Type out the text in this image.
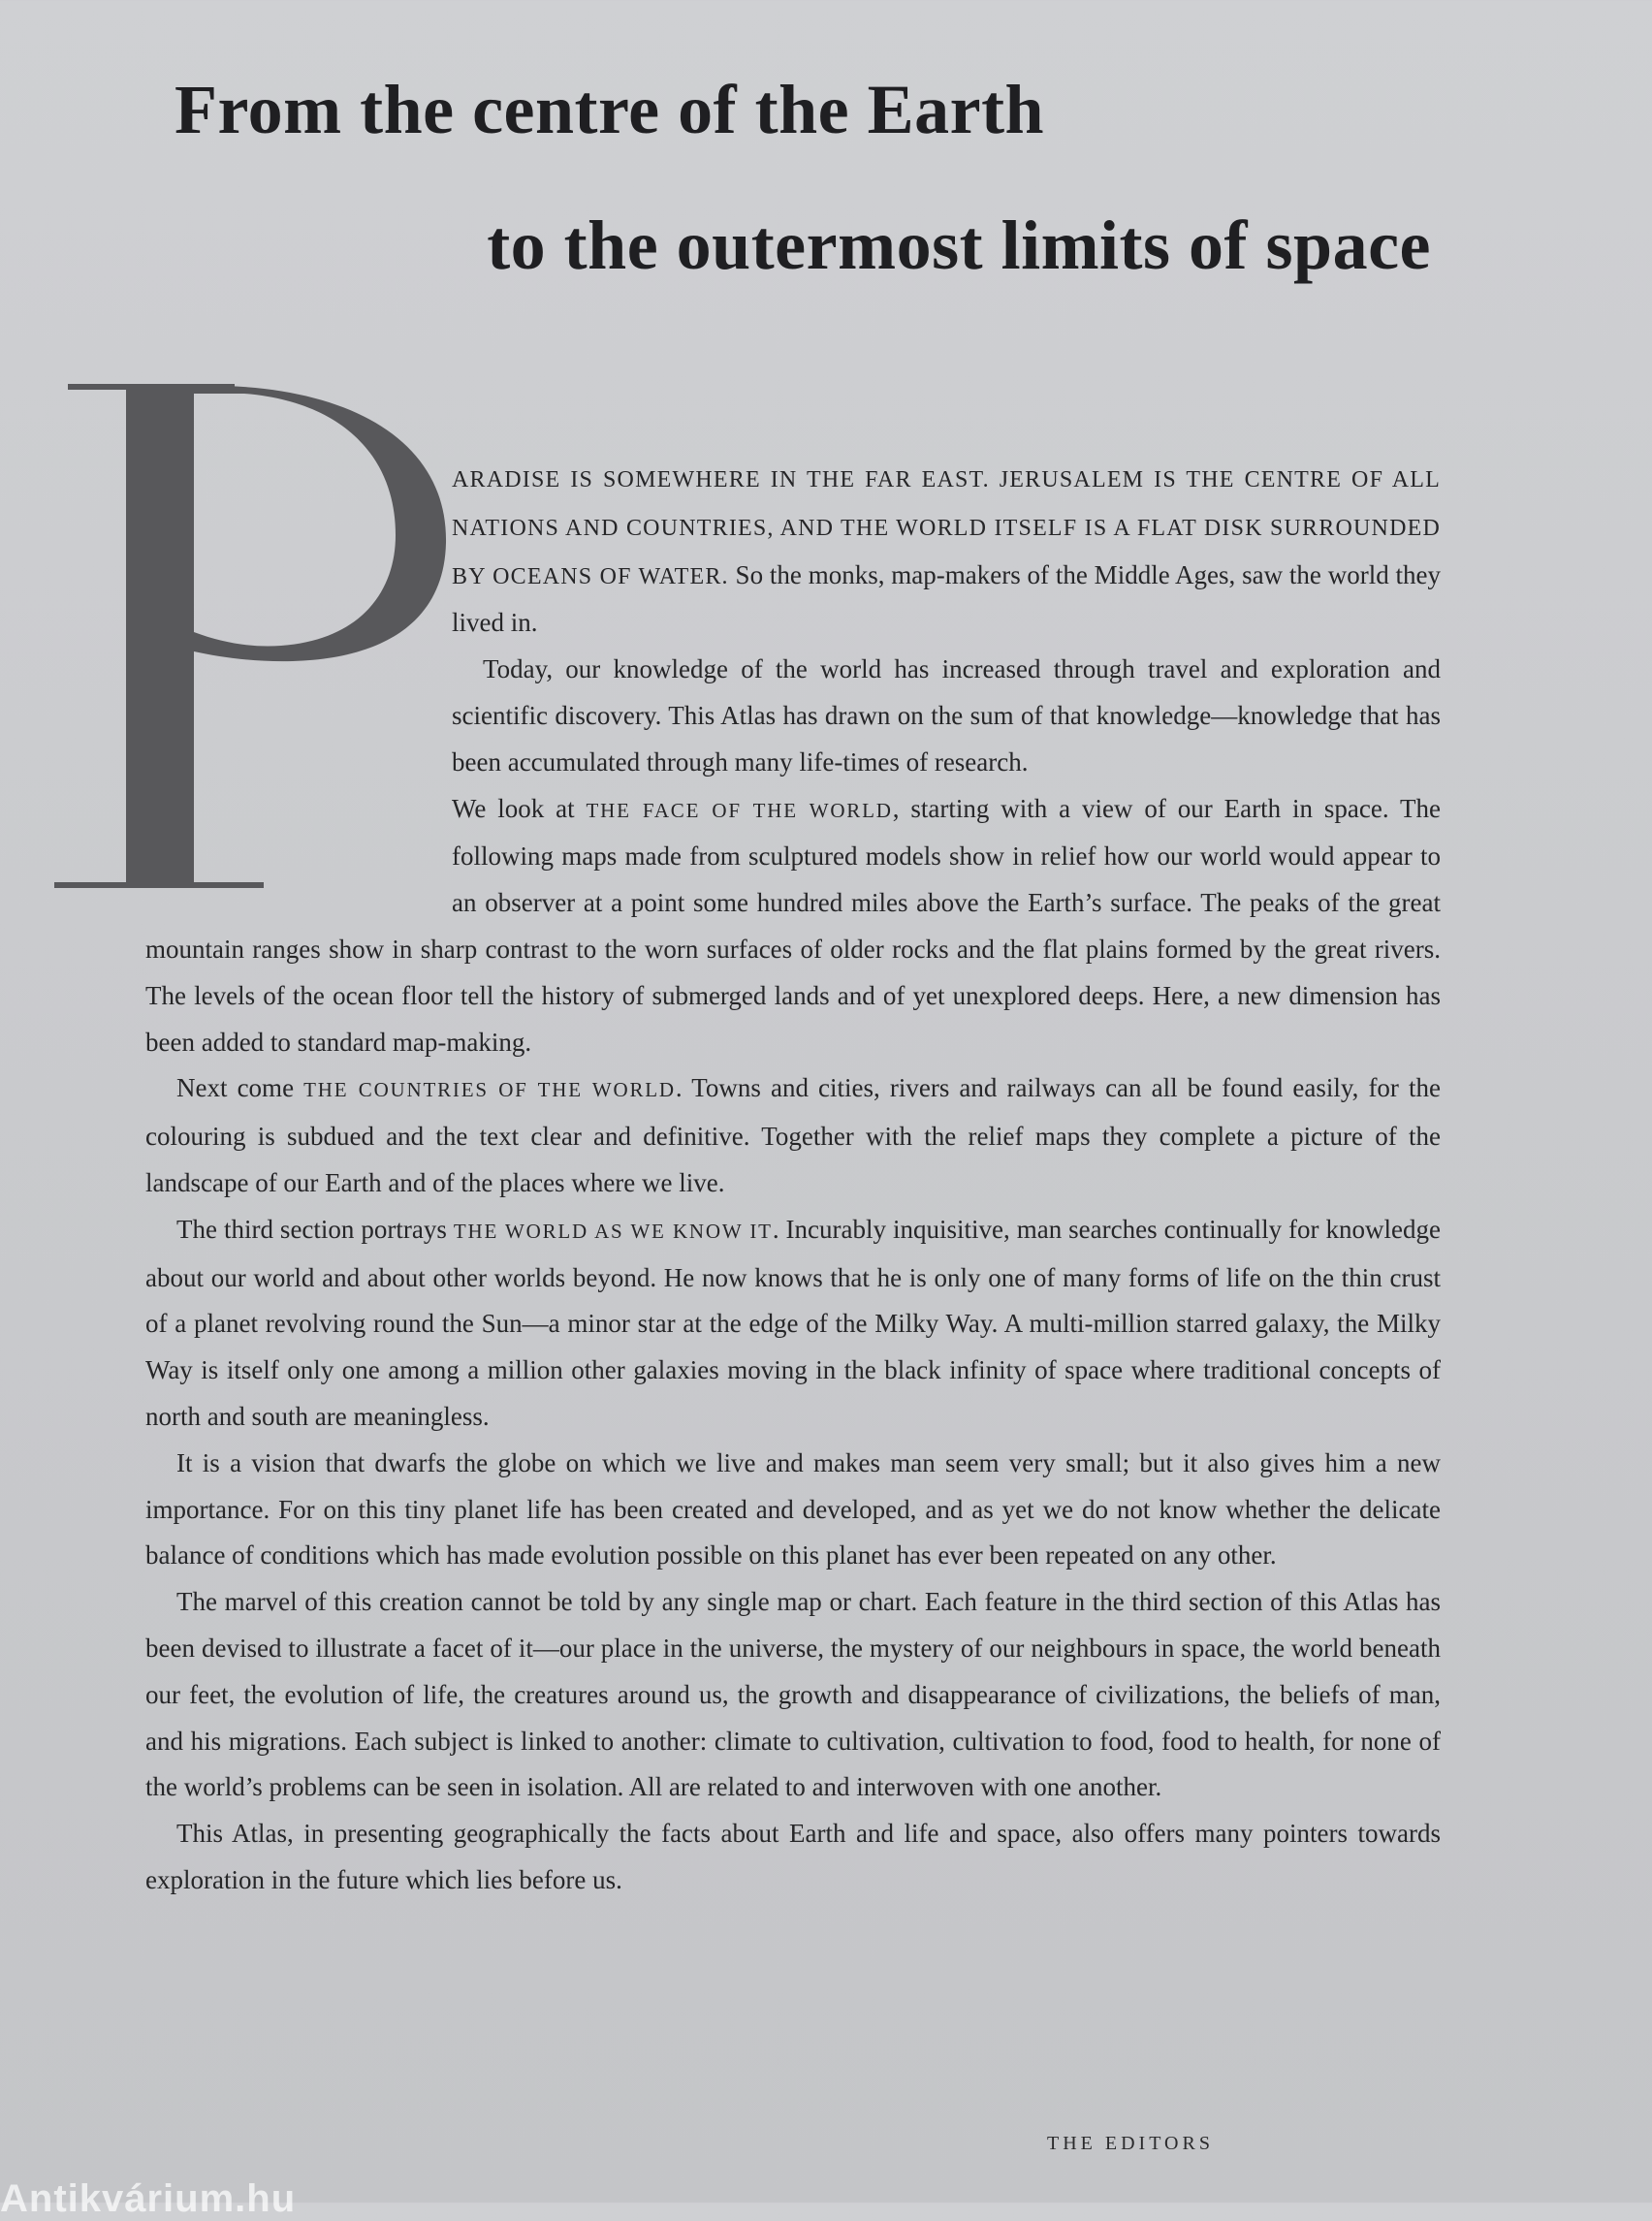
From the centre of the Earth
to the outermost limits of space

ARADISE IS SOMEWHERE IN THE FAR EAST. JERUSALEM IS THE CENTRE OF ALL NATIONS AND COUNTRIES, AND THE WORLD ITSELF IS A FLAT DISK SURROUNDED BY OCEANS OF WATER. So the monks, map-makers of the Middle Ages, saw the world they lived in.

Today, our knowledge of the world has increased through travel and exploration and scientific discovery. This Atlas has drawn on the sum of that knowledge—knowledge that has been accumulated through many life-times of research.

We look at THE FACE OF THE WORLD, starting with a view of our Earth in space. The following maps made from sculptured models show in relief how our world would appear to an observer at a point some hundred miles above the Earth’s surface. The peaks of the great mountain ranges show in sharp contrast to the worn surfaces of older rocks and the flat plains formed by the great rivers. The levels of the ocean floor tell the history of submerged lands and of yet unexplored deeps. Here, a new dimension has been added to standard map-making.

Next come THE COUNTRIES OF THE WORLD. Towns and cities, rivers and railways can all be found easily, for the colouring is subdued and the text clear and definitive. Together with the relief maps they complete a picture of the landscape of our Earth and of the places where we live.

The third section portrays THE WORLD AS WE KNOW IT. Incurably inquisitive, man searches continually for knowledge about our world and about other worlds beyond. He now knows that he is only one of many forms of life on the thin crust of a planet revolving round the Sun—a minor star at the edge of the Milky Way. A multi-million starred galaxy, the Milky Way is itself only one among a million other galaxies moving in the black infinity of space where traditional concepts of north and south are meaningless.

It is a vision that dwarfs the globe on which we live and makes man seem very small; but it also gives him a new importance. For on this tiny planet life has been created and developed, and as yet we do not know whether the delicate balance of conditions which has made evolution possible on this planet has ever been repeated on any other.

The marvel of this creation cannot be told by any single map or chart. Each feature in the third section of this Atlas has been devised to illustrate a facet of it—our place in the universe, the mystery of our neighbours in space, the world beneath our feet, the evolution of life, the creatures around us, the growth and disappearance of civilizations, the beliefs of man, and his migrations. Each subject is linked to another: climate to cultivation, cultivation to food, food to health, for none of the world’s problems can be seen in isolation. All are related to and interwoven with one another.

This Atlas, in presenting geographically the facts about Earth and life and space, also offers many pointers towards exploration in the future which lies before us.

THE EDITORS
Antikvárium.hu
